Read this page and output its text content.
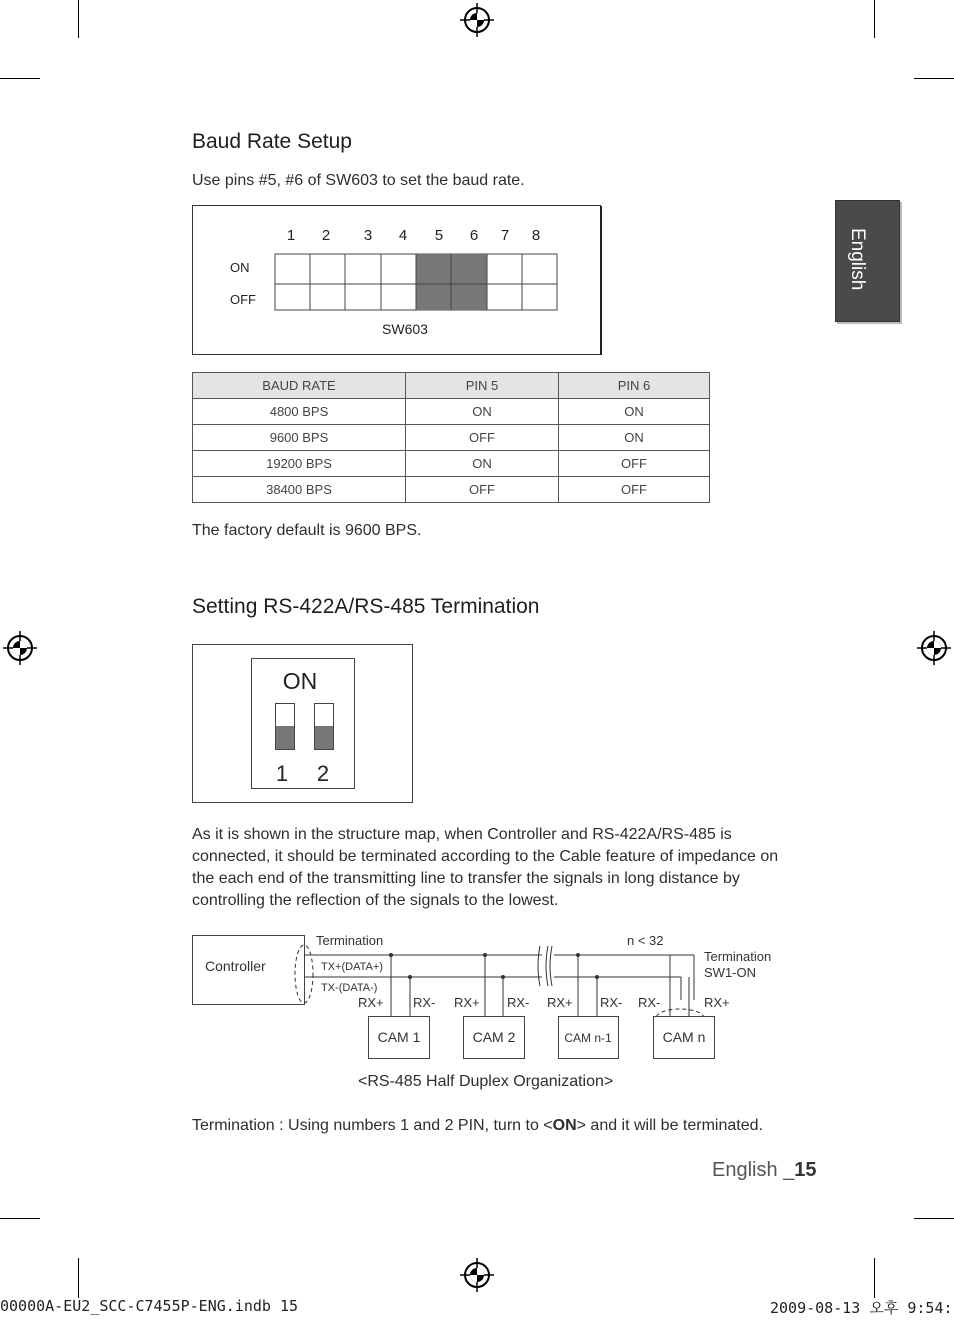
English
Baud Rate Setup
Use pins #5, #6 of SW603 to set the baud rate.
1 2 3 4 5 6 7 8
ON
OFF
SW603
BAUD RATE	PIN 5	PIN 6
4800 BPS	ON	ON
9600 BPS	OFF	ON
19200 BPS	ON	OFF
38400 BPS	OFF	OFF
The factory default is 9600 BPS.
Setting RS-422A/RS-485 Termination
ON
1 2
As it is shown in the structure map, when Controller and RS-422A/RS-485 is connected, it should be terminated according to the Cable feature of impedance on the each end of the transmitting line to transfer the signals in long distance by controlling the reflection of the signals to the lowest.
Controller
Termination
TX+(DATA+)
TX-(DATA-)
n < 32
Termination
SW1-ON
RX+ RX- RX+ RX- RX+ RX- RX-	RX+
CAM 1	CAM 2	CAM n-1	CAM n
<RS-485 Half Duplex Organization>
Termination : Using numbers 1 and 2 PIN, turn to <ON> and it will be terminated.
English _15
00000A-EU2_SCC-C7455P-ENG.indb 15	2009-08-13 오후 9:54:
